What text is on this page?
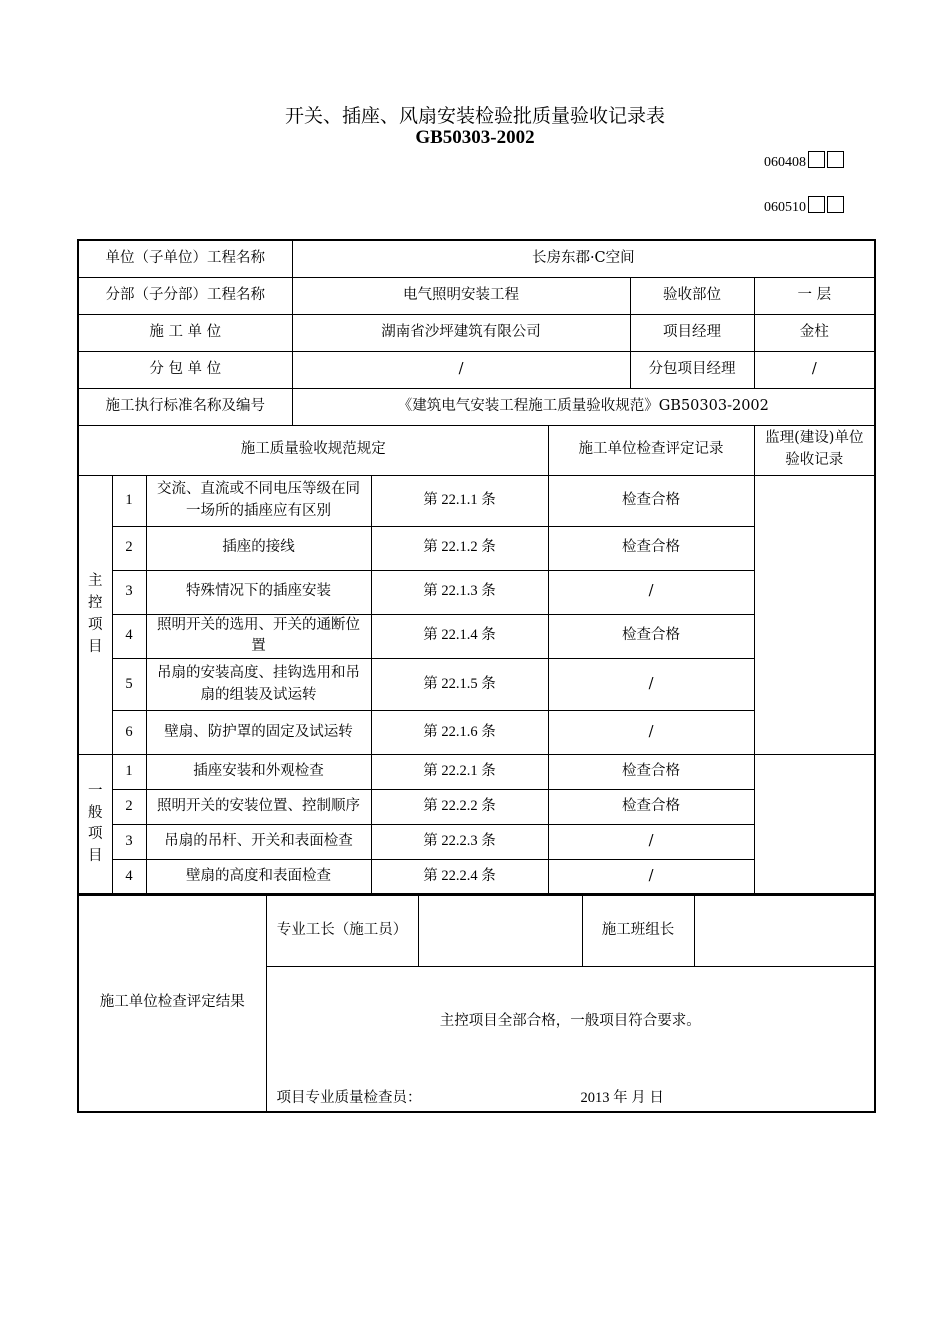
开关、插座、风扇安装检验批质量验收记录表
GB50303-2002
060408
060510
单位（子单位）工程名称			长房东郡·C空间				
分部（子分部）工程名称			电气照明安装工程			验收部位	一 层
施 工 单 位			湖南省沙坪建筑有限公司			项目经理	金柱
分 包 单 位			/			分包项目经理	/
施工执行标准名称及编号			《建筑电气安装工程施工质量验收规范》GB50303-2002				
施工质量验收规范规定					施工单位检查评定记录		监理(建设)单位验收记录
主控项目	1	交流、直流或不同电压等级在同一场所的插座应有区别		第 22.1.1 条	检查合格		
	2	插座的接线		第 22.1.2 条	检查合格		
	3	特殊情况下的插座安装		第 22.1.3 条	/		
	4	照明开关的选用、开关的通断位置		第 22.1.4 条	检查合格		
	5	吊扇的安装高度、挂钩选用和吊扇的组装及试运转		第 22.1.5 条	/		
	6	壁扇、防护罩的固定及试运转		第 22.1.6 条	/		
一般项目	1	插座安装和外观检查		第 22.2.1 条	检查合格		
	2	照明开关的安装位置、控制顺序		第 22.2.2 条	检查合格		
	3	吊扇的吊杆、开关和表面检查		第 22.2.3 条	/		
	4	壁扇的高度和表面检查		第 22.2.4 条	/		
施工单位检查评定结果	专业工长（施工员）		施工班组长	

主控项目全部合格，一般项目符合要求。
项目专业质量检查员：	2013 年 月 日
